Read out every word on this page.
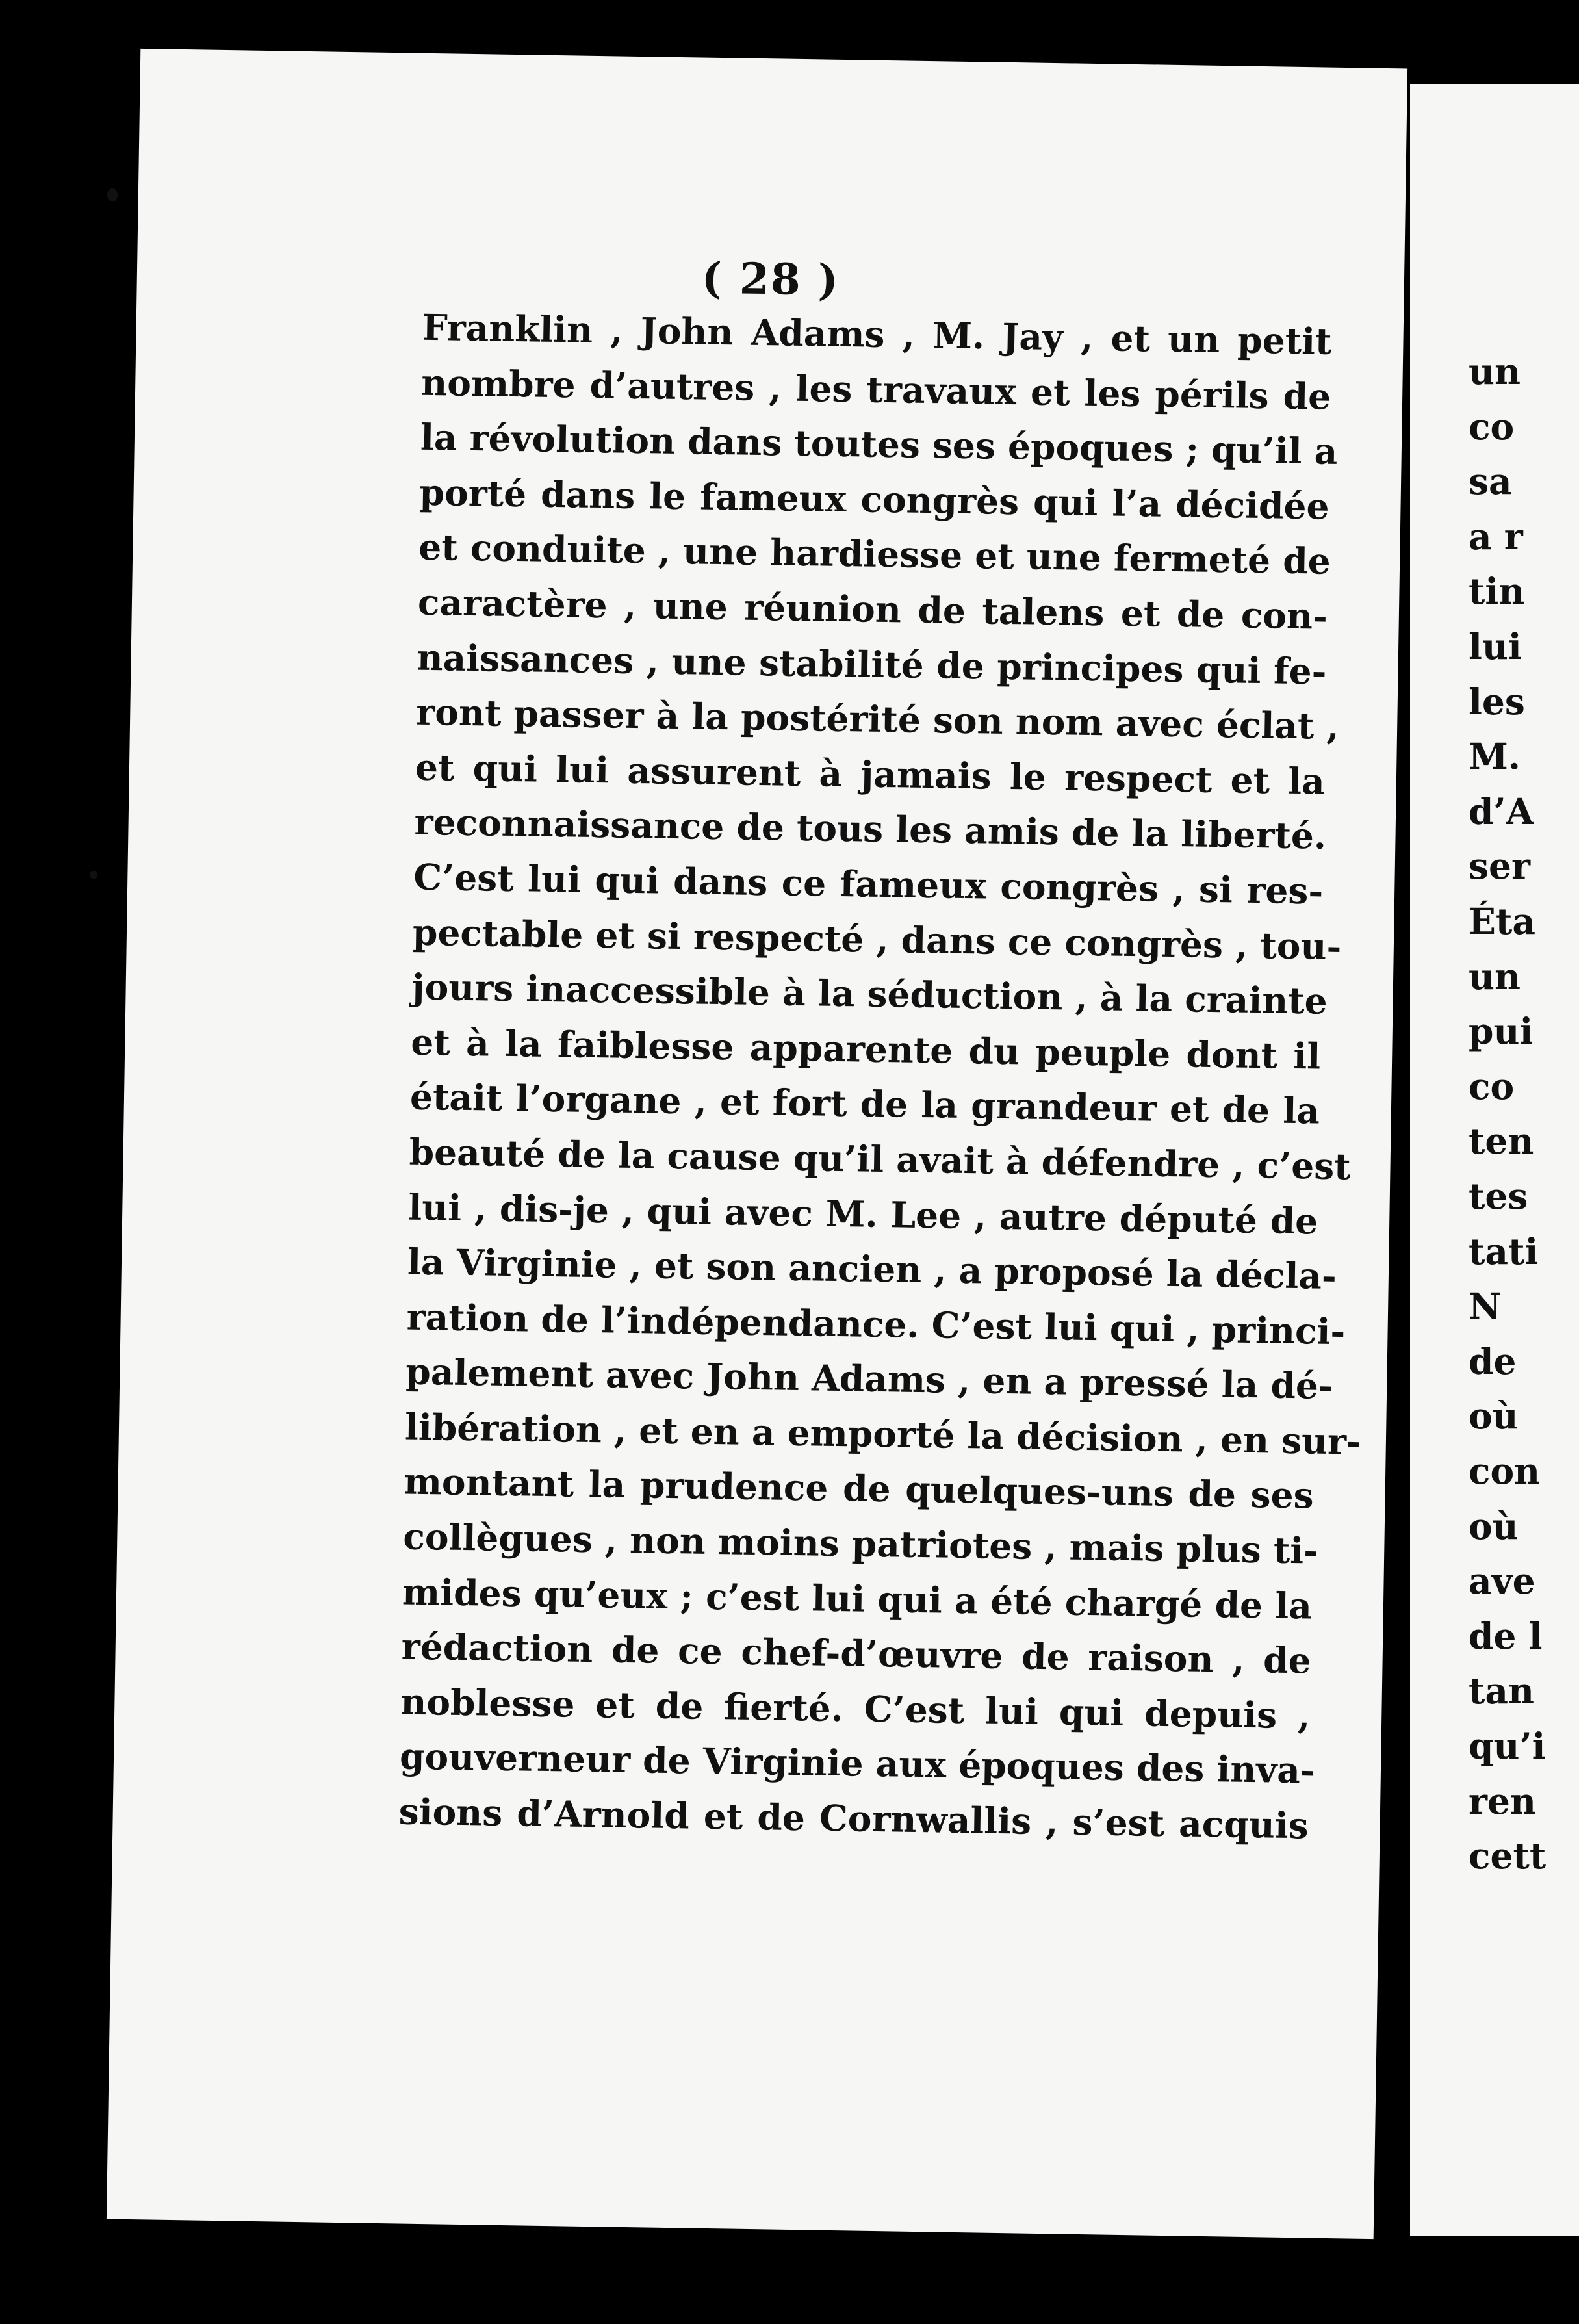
( 28 )
Franklin , John Adams , M. Jay , et un petit
nombre d’autres , les travaux et les périls de
la révolution dans toutes ses époques ; qu’il a
porté dans le fameux congrès qui l’a décidée
et conduite , une hardiesse et une fermeté de
caractère , une réunion de talens et de con-
naissances , une stabilité de principes qui fe-
ront passer à la postérité son nom avec éclat ,
et qui lui assurent à jamais le respect et la
reconnaissance de tous les amis de la liberté.
C’est lui qui dans ce fameux congrès , si res-
pectable et si respecté , dans ce congrès , tou-
jours inaccessible à la séduction , à la crainte
et à la faiblesse apparente du peuple dont il
était l’organe , et fort de la grandeur et de la
beauté de la cause qu’il avait à défendre , c’est
lui , dis-je , qui avec M. Lee , autre député de
la Virginie , et son ancien , a proposé la décla-
ration de l’indépendance. C’est lui qui , princi-
palement avec John Adams , en a pressé la dé-
libération , et en a emporté la décision , en sur-
montant la prudence de quelques-uns de ses
collègues , non moins patriotes , mais plus ti-
mides qu’eux ; c’est lui qui a été chargé de la
rédaction de ce chef-d’œuvre de raison , de
noblesse et de fierté. C’est lui qui depuis ,
gouverneur de Virginie aux époques des inva-
sions d’Arnold et de Cornwallis , s’est acquis
un
co
sa
a r
tin
lui
les
M.
d’A
ser
Éta
un
pui
co
ten
tes
tati
N
de
où
con
où
ave
de l
tan
qu’i
ren
cett
